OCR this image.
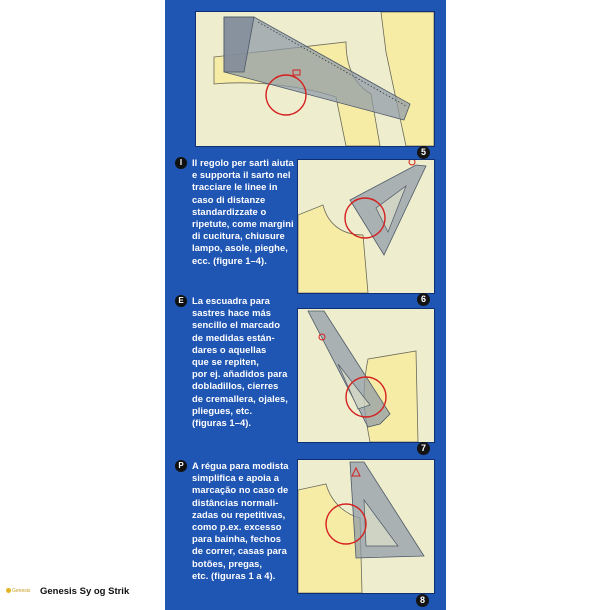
5
I	Il regolo per sarti aiuta
e supporta il sarto nel
tracciare le linee in
caso di distanze
standardizzate o
ripetute, come margini
di cucitura, chiusure
lampo, asole, pieghe,
ecc. (figure 1–4).
6
E La escuadra para
sastres hace más
sencillo el marcado
de medidas están-
dares o aquellas
que se repiten,
por ej. añadidos para
dobladillos, cierres
de cremallera, ojales,
pliegues, etc.
(figuras 1–4).
7
P A régua para modista
simplifica e apoia a
marcação no caso de
distâncias normali-
zadas ou repetitivas,
como p.ex. excesso
para bainha, fechos
de correr, casas para
botões, pregas,
etc. (figuras 1 a 4).
8
Genesis	Genesis Sy og Strik
